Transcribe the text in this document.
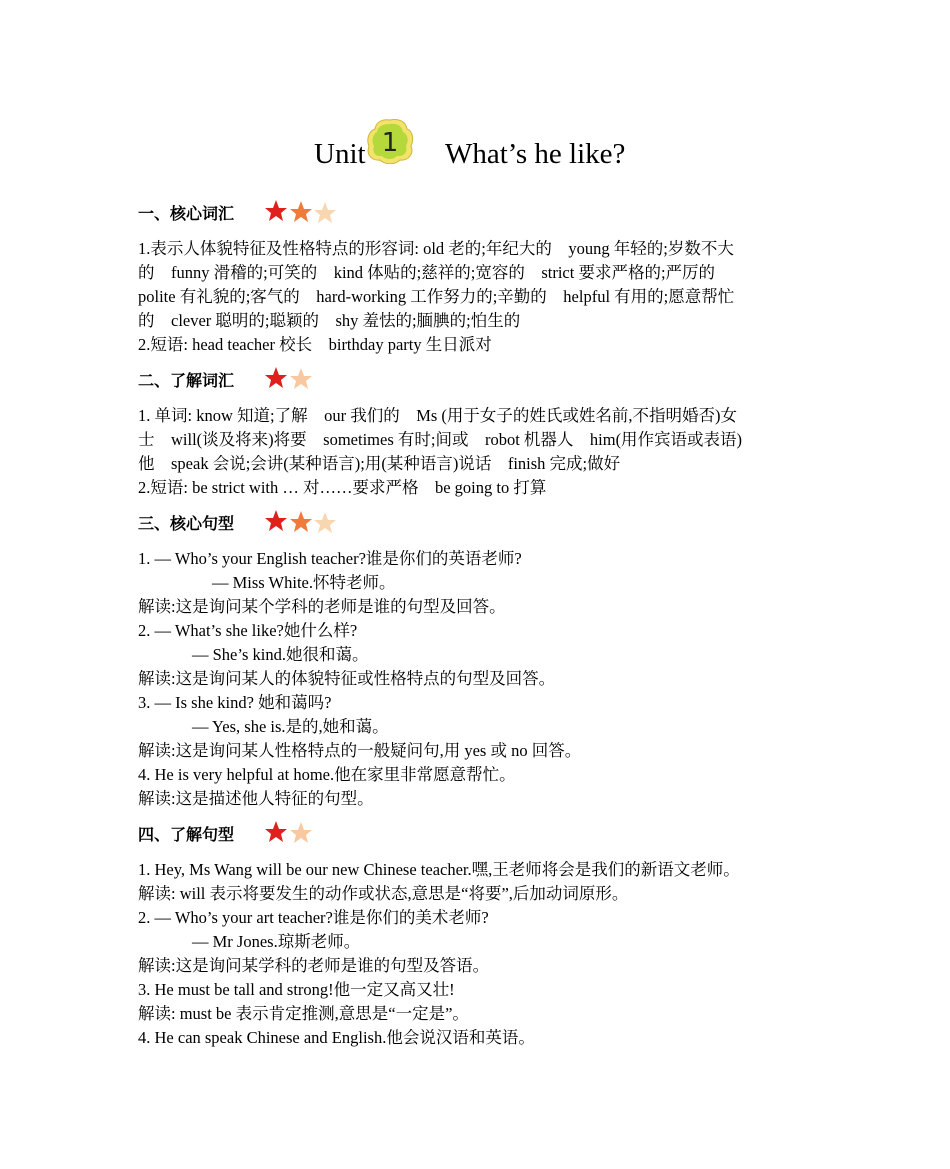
Unit 1 What’s he like?
一、核心词汇
1.表示人体貌特征及性格特点的形容词: old 老的;年纪大的　young 年轻的;岁数不大
的　funny 滑稽的;可笑的　kind 体贴的;慈祥的;宽容的　strict 要求严格的;严厉的
polite 有礼貌的;客气的　hard-working 工作努力的;辛勤的　helpful 有用的;愿意帮忙
的　clever 聪明的;聪颖的　shy 羞怯的;腼腆的;怕生的
2.短语: head teacher 校长　birthday party 生日派对
二、了解词汇
1. 单词: know 知道;了解　our 我们的　Ms (用于女子的姓氏或姓名前,不指明婚否)女
士　will(谈及将来)将要　sometimes 有时;间或　robot 机器人　him(用作宾语或表语)
他　speak 会说;会讲(某种语言);用(某种语言)说话　finish 完成;做好
2.短语: be strict with … 对……要求严格　be going to 打算
三、核心句型
1. — Who’s your English teacher?谁是你们的英语老师?
— Miss White.怀特老师。
解读:这是询问某个学科的老师是谁的句型及回答。
2. — What’s she like?她什么样?
— She’s kind.她很和蔼。
解读:这是询问某人的体貌特征或性格特点的句型及回答。
3. — Is she kind? 她和蔼吗?
— Yes, she is.是的,她和蔼。
解读:这是询问某人性格特点的一般疑问句,用 yes 或 no 回答。
4. He is very helpful at home.他在家里非常愿意帮忙。
解读:这是描述他人特征的句型。
四、了解句型
1. Hey, Ms Wang will be our new Chinese teacher.嘿,王老师将会是我们的新语文老师。
解读: will 表示将要发生的动作或状态,意思是“将要”,后加动词原形。
2. — Who’s your art teacher?谁是你们的美术老师?
— Mr Jones.琼斯老师。
解读:这是询问某学科的老师是谁的句型及答语。
3. He must be tall and strong!他一定又高又壮!
解读: must be 表示肯定推测,意思是“一定是”。
4. He can speak Chinese and English.他会说汉语和英语。
